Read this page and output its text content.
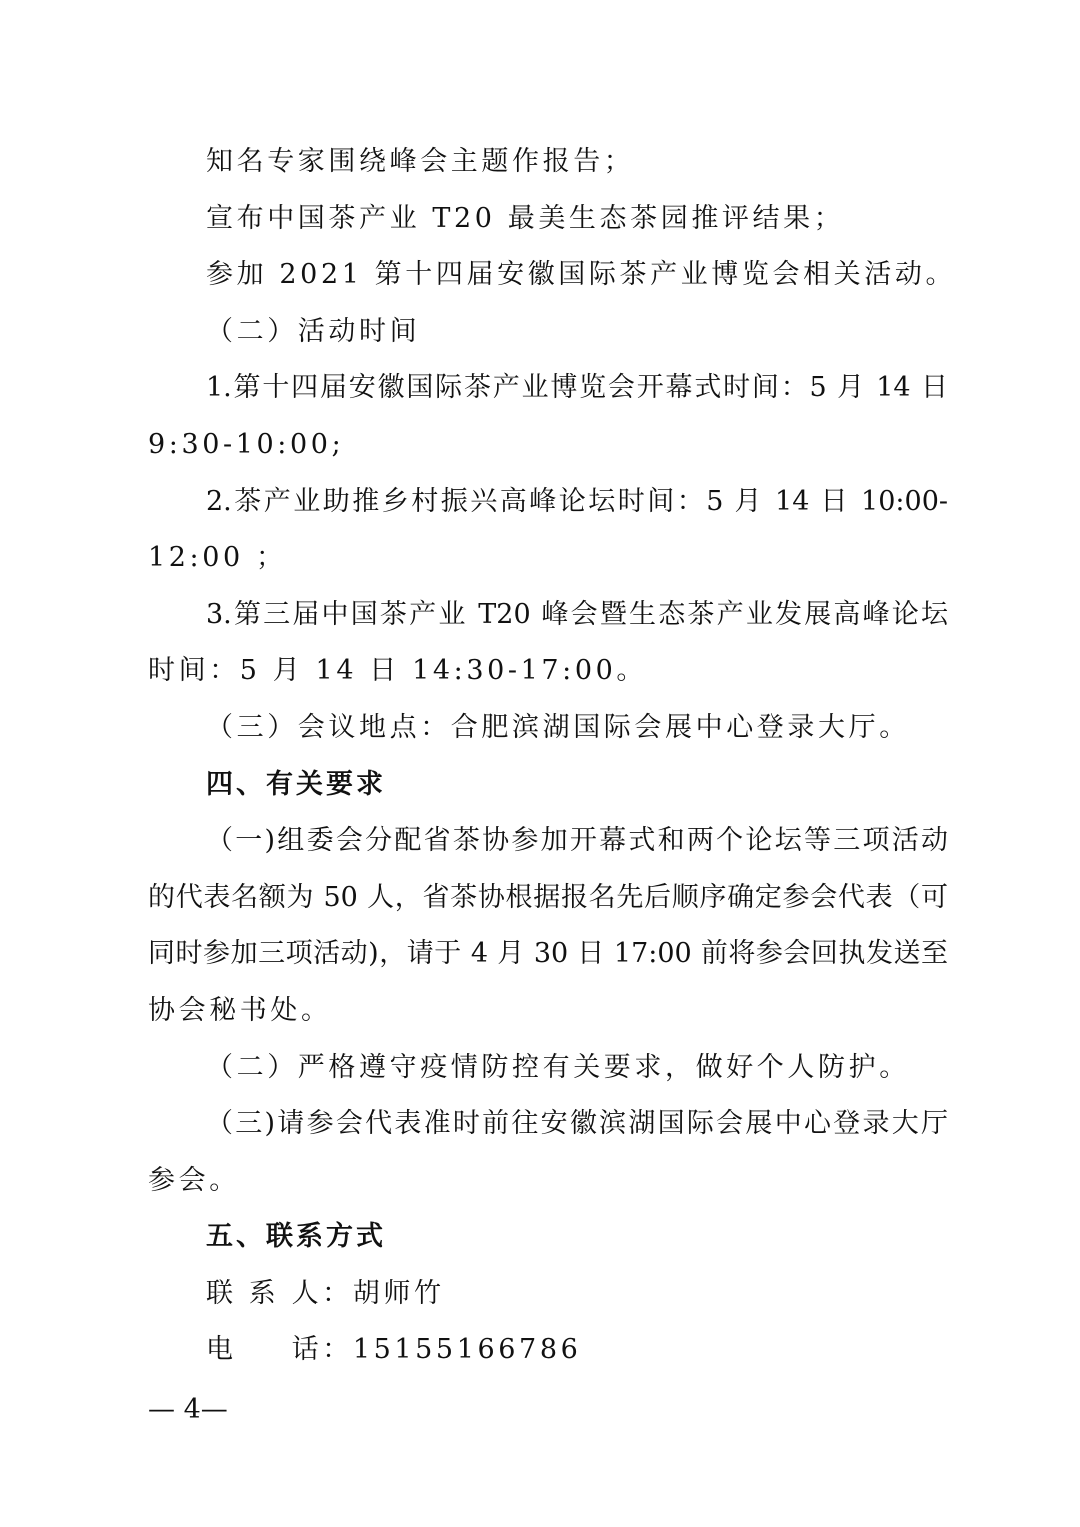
知名专家围绕峰会主题作报告；
宣布中国茶产业 T20 最美生态茶园推评结果；
参加 2021 第十四届安徽国际茶产业博览会相关活动。
（二）活动时间
1.第十四届安徽国际茶产业博览会开幕式时间：5 月 14 日
9:30-10:00;
2.茶产业助推乡村振兴高峰论坛时间：5 月 14 日 10:00-
12:00 ；
3.第三届中国茶产业 T20 峰会暨生态茶产业发展高峰论坛
时间：5 月 14 日 14:30-17:00。
（三）会议地点：合肥滨湖国际会展中心登录大厅。
四、有关要求
（一)组委会分配省茶协参加开幕式和两个论坛等三项活动
的代表名额为 50 人，省茶协根据报名先后顺序确定参会代表（可
同时参加三项活动)，请于 4 月 30 日 17:00 前将参会回执发送至
协会秘书处。
（二）严格遵守疫情防控有关要求，做好个人防护。
（三)请参会代表准时前往安徽滨湖国际会展中心登录大厅
参会。
五、联系方式
联 系 人：胡师竹
电 话：15155166786
— 4—
